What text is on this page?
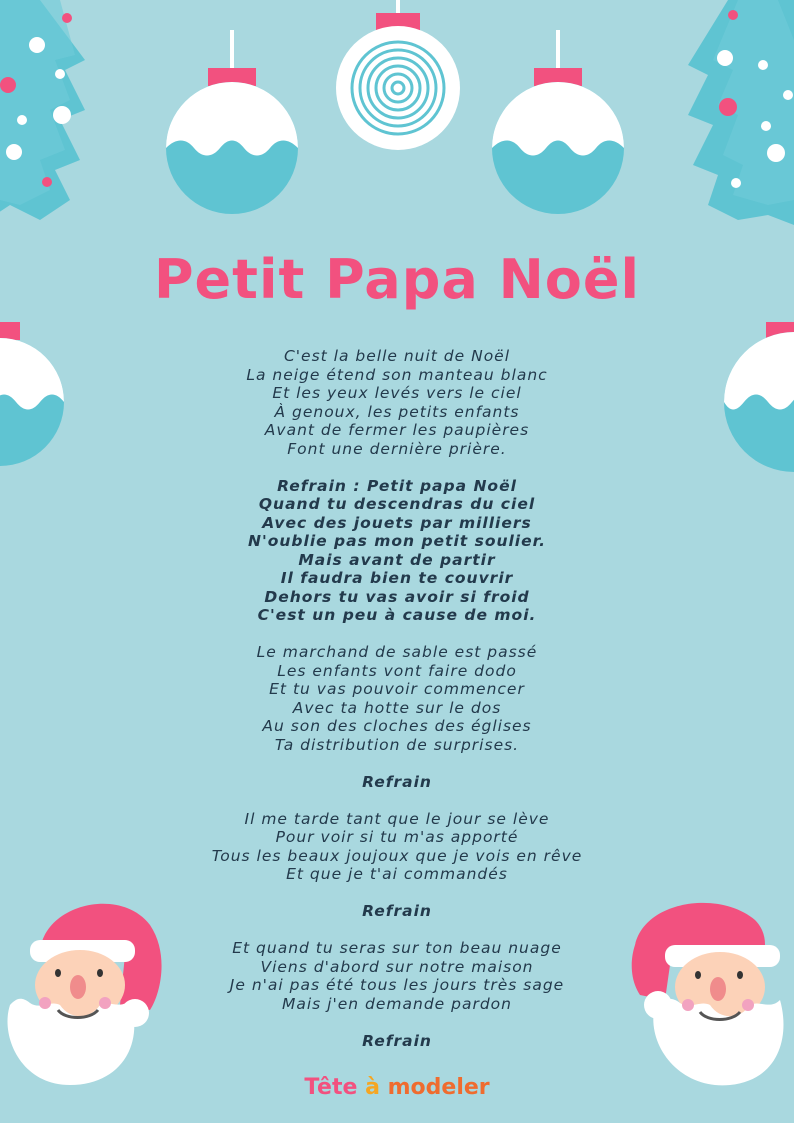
Petit Papa Noël
C'est la belle nuit de Noël
La neige étend son manteau blanc
Et les yeux levés vers le ciel
À genoux, les petits enfants
Avant de fermer les paupières
Font une dernière prière.
Refrain : Petit papa Noël
Quand tu descendras du ciel
Avec des jouets par milliers
N'oublie pas mon petit soulier.
Mais avant de partir
Il faudra bien te couvrir
Dehors tu vas avoir si froid
C'est un peu à cause de moi.
Le marchand de sable est passé
Les enfants vont faire dodo
Et tu vas pouvoir commencer
Avec ta hotte sur le dos
Au son des cloches des églises
Ta distribution de surprises.
Refrain
Il me tarde tant que le jour se lève
Pour voir si tu m'as apporté
Tous les beaux joujoux que je vois en rêve
Et que je t'ai commandés
Refrain
Et quand tu seras sur ton beau nuage
Viens d'abord sur notre maison
Je n'ai pas été tous les jours très sage
Mais j'en demande pardon
Refrain
Tête à modeler
